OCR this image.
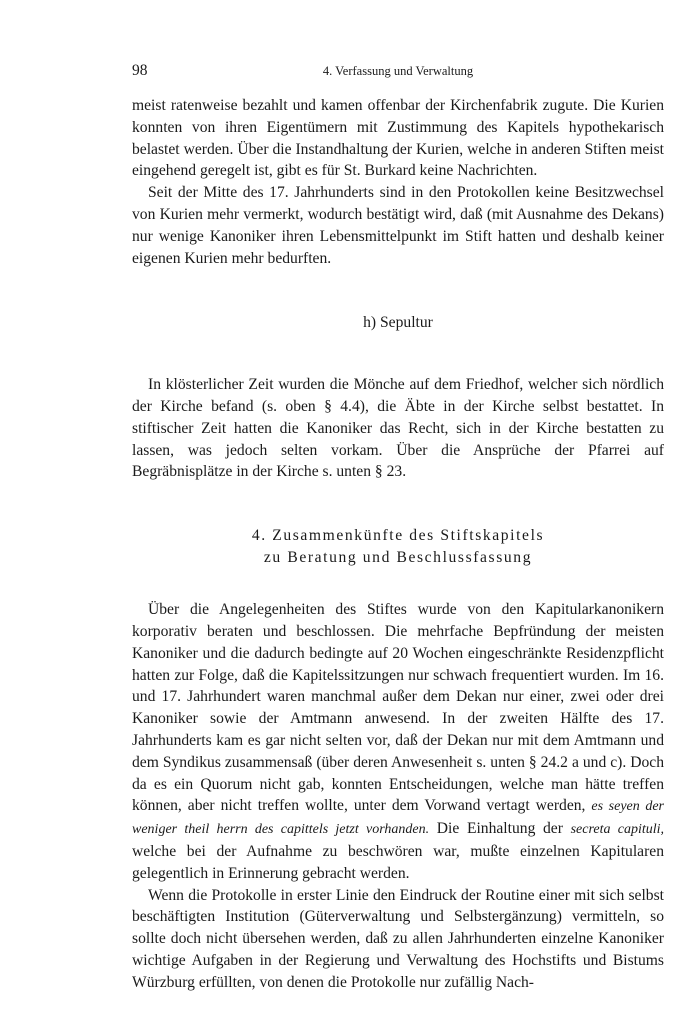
98	4. Verfassung und Verwaltung

meist ratenweise bezahlt und kamen offenbar der Kirchenfabrik zugute. Die Kurien konnten von ihren Eigentümern mit Zustimmung des Kapitels hypothekarisch belastet werden. Über die Instandhaltung der Kurien, welche in anderen Stiften meist eingehend geregelt ist, gibt es für St. Burkard keine Nachrichten.

Seit der Mitte des 17. Jahrhunderts sind in den Protokollen keine Besitzwechsel von Kurien mehr vermerkt, wodurch bestätigt wird, daß (mit Ausnahme des Dekans) nur wenige Kanoniker ihren Lebensmittelpunkt im Stift hatten und deshalb keiner eigenen Kurien mehr bedurften.

h) Sepultur

In klösterlicher Zeit wurden die Mönche auf dem Friedhof, welcher sich nördlich der Kirche befand (s. oben § 4.4), die Äbte in der Kirche selbst bestattet. In stiftischer Zeit hatten die Kanoniker das Recht, sich in der Kirche bestatten zu lassen, was jedoch selten vorkam. Über die Ansprüche der Pfarrei auf Begräbnisplätze in der Kirche s. unten § 23.

4. Zusammenkünfte des Stiftskapitels
zu Beratung und Beschlussfassung

Über die Angelegenheiten des Stiftes wurde von den Kapitularkanonikern korporativ beraten und beschlossen. Die mehrfache Bepfründung der meisten Kanoniker und die dadurch bedingte auf 20 Wochen eingeschränkte Residenzpflicht hatten zur Folge, daß die Kapitelssitzungen nur schwach frequentiert wurden. Im 16. und 17. Jahrhundert waren manchmal außer dem Dekan nur einer, zwei oder drei Kanoniker sowie der Amtmann anwesend. In der zweiten Hälfte des 17. Jahrhunderts kam es gar nicht selten vor, daß der Dekan nur mit dem Amtmann und dem Syndikus zusammensaß (über deren Anwesenheit s. unten § 24.2 a und c). Doch da es ein Quorum nicht gab, konnten Entscheidungen, welche man hätte treffen können, aber nicht treffen wollte, unter dem Vorwand vertagt werden, es seyen der weniger theil herrn des capittels jetzt vorhanden. Die Einhaltung der secreta capituli, welche bei der Aufnahme zu beschwören war, mußte einzelnen Kapitularen gelegentlich in Erinnerung gebracht werden.

Wenn die Protokolle in erster Linie den Eindruck der Routine einer mit sich selbst beschäftigten Institution (Güterverwaltung und Selbstergänzung) vermitteln, so sollte doch nicht übersehen werden, daß zu allen Jahrhunderten einzelne Kanoniker wichtige Aufgaben in der Regierung und Verwaltung des Hochstifts und Bistums Würzburg erfüllten, von denen die Protokolle nur zufällig Nach-
